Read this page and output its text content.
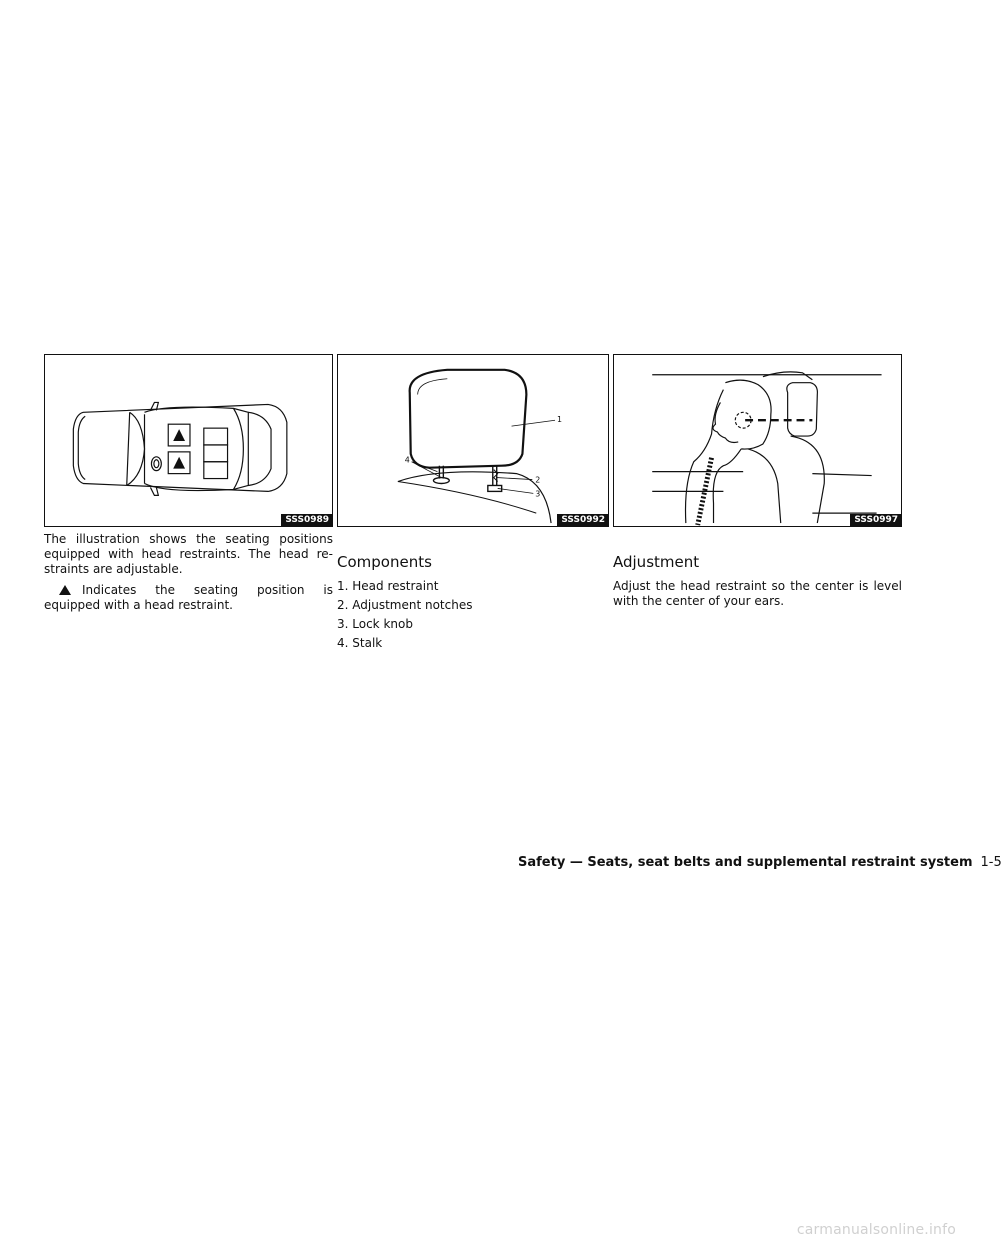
SSS0989
1
2
3
4
SSS0992	SSS0997

The illustration shows the seating positions equipped with head restraints. The head re-straints are adjustable.

Indicates the seating position is

equipped with a head restraint.

Components
1. Head restraint
2. Adjustment notches
3. Lock knob
4. Stalk
Adjustment

Adjust the head restraint so the center is level with the center of your ears.

Safety — Seats, seat belts and supplemental restraint system 1-5
carmanualsonline.info
